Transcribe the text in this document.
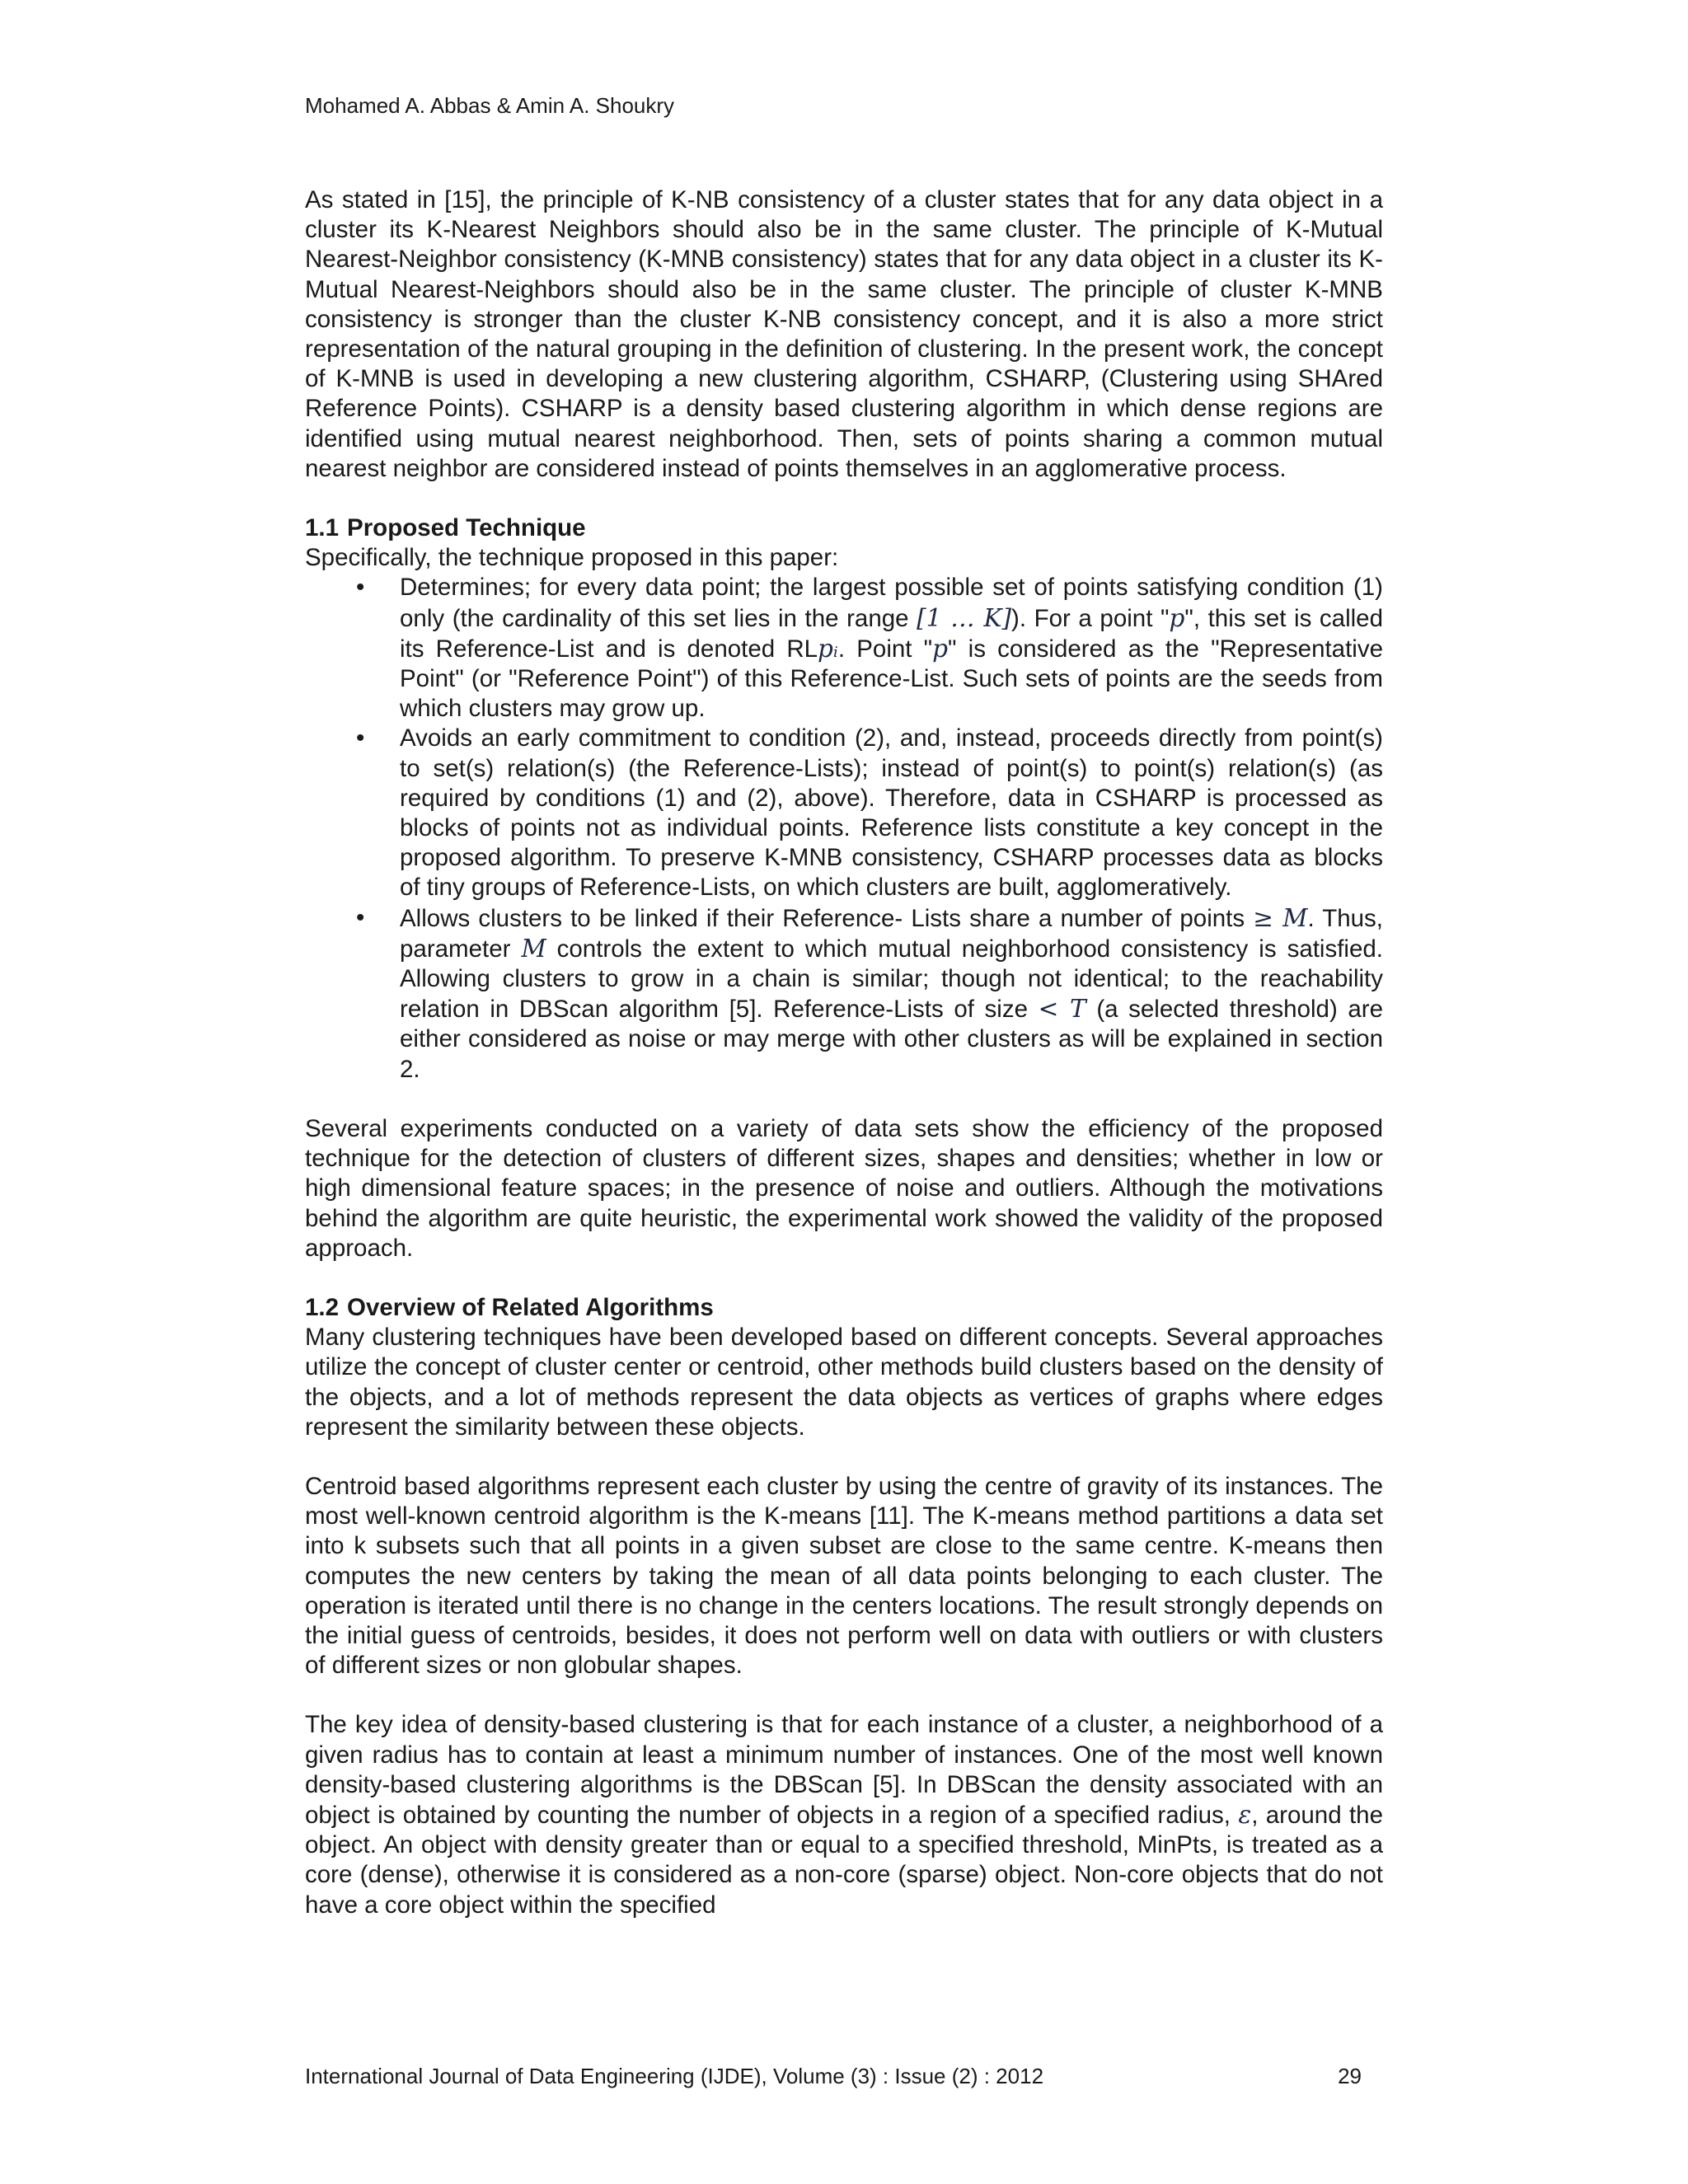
Mohamed A. Abbas & Amin A. Shoukry

As stated in [15], the principle of K-NB consistency of a cluster states that for any data object in a cluster its K-Nearest Neighbors should also be in the same cluster. The principle of K-Mutual Nearest-Neighbor consistency (K-MNB consistency) states that for any data object in a cluster its K-Mutual Nearest-Neighbors should also be in the same cluster. The principle of cluster K-MNB consistency is stronger than the cluster K-NB consistency concept, and it is also a more strict representation of the natural grouping in the definition of clustering. In the present work, the concept of K-MNB is used in developing a new clustering algorithm, CSHARP, (Clustering using SHAred Reference Points). CSHARP is a density based clustering algorithm in which dense regions are identified using mutual nearest neighborhood. Then, sets of points sharing a common mutual nearest neighbor are considered instead of points themselves in an agglomerative process.

1.1 Proposed Technique

Specifically, the technique proposed in this paper:

• Determines; for every data point; the largest possible set of points satisfying condition (1) only (the cardinality of this set lies in the range [1 … K]). For a point "p", this set is called its Reference-List and is denoted RLpᵢ. Point "p" is considered as the "Representative Point" (or "Reference Point") of this Reference-List. Such sets of points are the seeds from which clusters may grow up.
• Avoids an early commitment to condition (2), and, instead, proceeds directly from point(s) to set(s) relation(s) (the Reference-Lists); instead of point(s) to point(s) relation(s) (as required by conditions (1) and (2), above). Therefore, data in CSHARP is processed as blocks of points not as individual points. Reference lists constitute a key concept in the proposed algorithm. To preserve K-MNB consistency, CSHARP processes data as blocks of tiny groups of Reference-Lists, on which clusters are built, agglomeratively.
• Allows clusters to be linked if their Reference- Lists share a number of points ≥ M. Thus, parameter M controls the extent to which mutual neighborhood consistency is satisfied. Allowing clusters to grow in a chain is similar; though not identical; to the reachability relation in DBScan algorithm [5]. Reference-Lists of size < T (a selected threshold) are either considered as noise or may merge with other clusters as will be explained in section 2.

Several experiments conducted on a variety of data sets show the efficiency of the proposed technique for the detection of clusters of different sizes, shapes and densities; whether in low or high dimensional feature spaces; in the presence of noise and outliers. Although the motivations behind the algorithm are quite heuristic, the experimental work showed the validity of the proposed approach.

1.2 Overview of Related Algorithms

Many clustering techniques have been developed based on different concepts. Several approaches utilize the concept of cluster center or centroid, other methods build clusters based on the density of the objects, and a lot of methods represent the data objects as vertices of graphs where edges represent the similarity between these objects.

Centroid based algorithms represent each cluster by using the centre of gravity of its instances. The most well-known centroid algorithm is the K-means [11]. The K-means method partitions a data set into k subsets such that all points in a given subset are close to the same centre. K-means then computes the new centers by taking the mean of all data points belonging to each cluster. The operation is iterated until there is no change in the centers locations. The result strongly depends on the initial guess of centroids, besides, it does not perform well on data with outliers or with clusters of different sizes or non globular shapes.

The key idea of density-based clustering is that for each instance of a cluster, a neighborhood of a given radius has to contain at least a minimum number of instances. One of the most well known density-based clustering algorithms is the DBScan [5]. In DBScan the density associated with an object is obtained by counting the number of objects in a region of a specified radius, ε, around the object. An object with density greater than or equal to a specified threshold, MinPts, is treated as a core (dense), otherwise it is considered as a non-core (sparse) object. Non-core objects that do not have a core object within the specified

International Journal of Data Engineering (IJDE), Volume (3) : Issue (2) : 2012	29
